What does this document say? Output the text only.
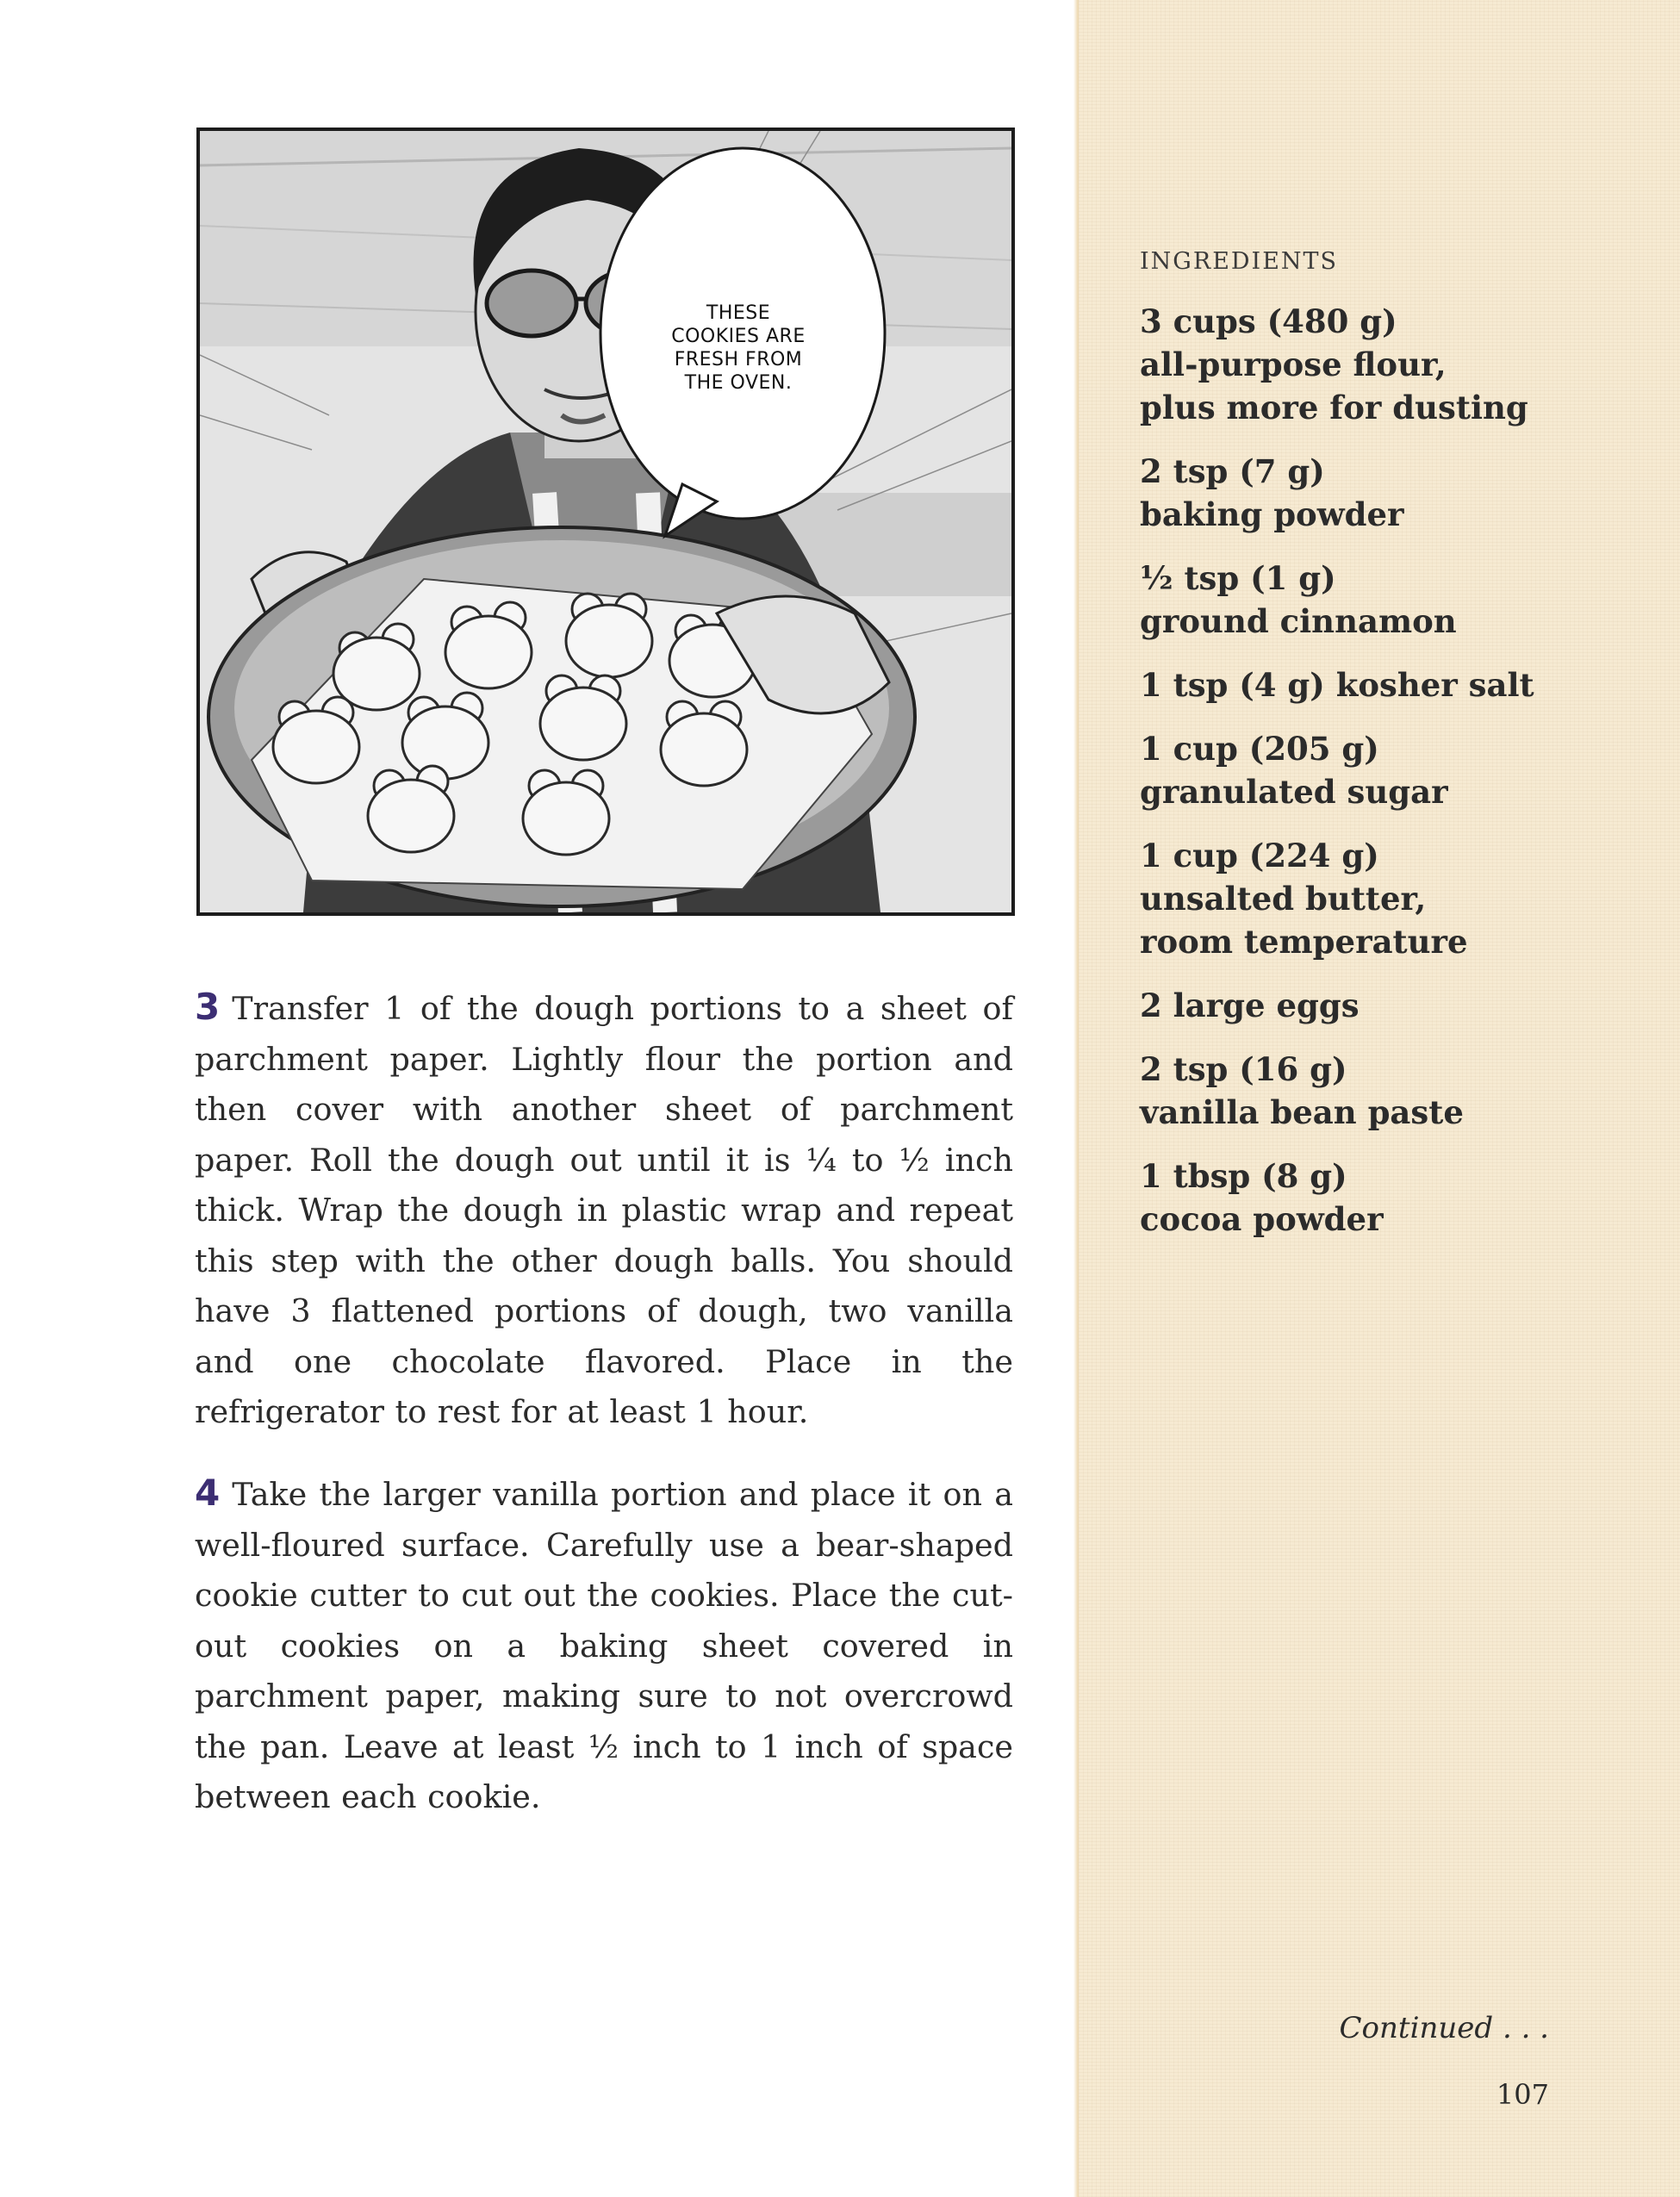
THESE COOKIES ARE FRESH FROM THE OVEN.
3 Transfer 1 of the dough portions to a sheet of parchment paper. Lightly flour the portion and then cover with another sheet of parchment paper. Roll the dough out until it is ¼ to ½ inch thick. Wrap the dough in plastic wrap and repeat this step with the other dough balls. You should have 3 flattened portions of dough, two vanilla and one chocolate flavored. Place in the refrigerator to rest for at least 1 hour.
4 Take the larger vanilla portion and place it on a well-floured surface. Carefully use a bear-shaped cookie cutter to cut out the cookies. Place the cut-out cookies on a baking sheet covered in parchment paper, making sure to not overcrowd the pan. Leave at least ½ inch to 1 inch of space between each cookie.
INGREDIENTS
3 cups (480 g)
all-purpose flour,
plus more for dusting
2 tsp (7 g)
baking powder
½ tsp (1 g)
ground cinnamon
1 tsp (4 g) kosher salt
1 cup (205 g)
granulated sugar
1 cup (224 g)
unsalted butter,
room temperature
2 large eggs
2 tsp (16 g)
vanilla bean paste
1 tbsp (8 g)
cocoa powder
Continued . . .
107
